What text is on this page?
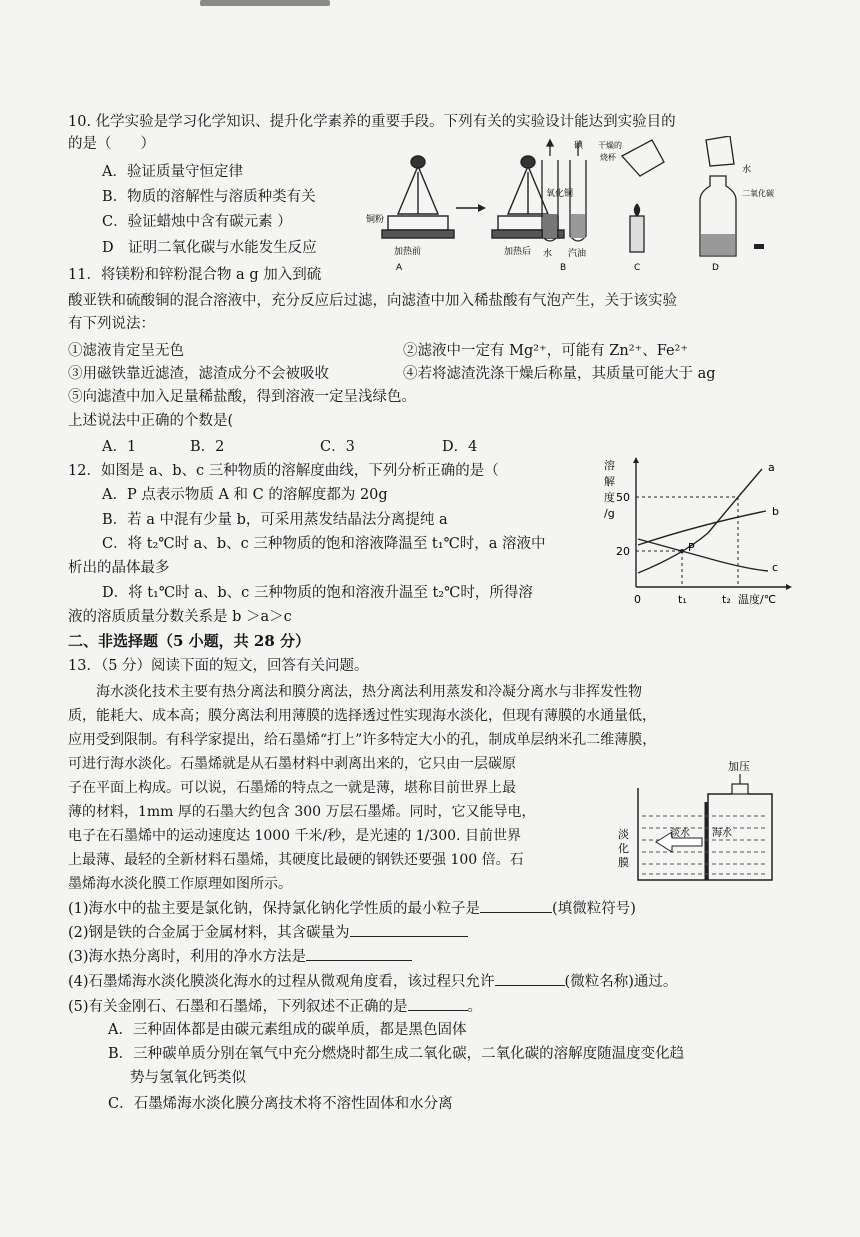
10. 化学实验是学习化学知识、提升化学素养的重要手段。下列有关的实验设计能达到实验目的
的是（　　）
A．验证质量守恒定律
B．物质的溶解性与溶质种类有关
C．验证蜡烛中含有碳元素 ）
D　证明二氧化碳与水能发生反应
铜粉
加热前
氧化铜
加热后
A
碘
水 汽油
B
干燥的
烧杯
C
水
二氧化碳
D
11．将镁粉和锌粉混合物 a g 加入到硫
酸亚铁和硫酸铜的混合溶液中，充分反应后过滤，向滤渣中加入稀盐酸有气泡产生，关于该实验
有下列说法：
①滤液肯定呈无色	②滤液中一定有 Mg²⁺，可能有 Zn²⁺、Fe²⁺
③用磁铁靠近滤渣，滤渣成分不会被吸收	④若将滤渣洗涤干燥后称量，其质量可能大于 ag
⑤向滤渣中加入足量稀盐酸，得到溶液一定呈浅绿色。
上述说法中正确的个数是(
A．1	B．2	C．3	D．4
12．如图是 a、b、c 三种物质的溶解度曲线，下列分析正确的是（
A．P 点表示物质 A 和 C 的溶解度都为 20g
B．若 a 中混有少量 b，可采用蒸发结晶法分离提纯 a
C．将 t₂℃时 a、b、c 三种物质的饱和溶液降温至 t₁℃时，a 溶液中
析出的晶体最多
D．将 t₁℃时 a、b、c 三种物质的饱和溶液升温至 t₂℃时，所得溶
液的溶质质量分数关系是 b ＞a＞c
溶
解
度
/g
P
a
b
c
50
20
0	t₁	t₂ 温度/℃
二、非选择题（5 小题，共 28 分）
13．（5 分）阅读下面的短文，回答有关问题。
海水淡化技术主要有热分离法和膜分离法，热分离法利用蒸发和冷凝分离水与非挥发性物
质，能耗大、成本高；膜分离法利用薄膜的选择透过性实现海水淡化，但现有薄膜的水通量低，
应用受到限制。有科学家提出，给石墨烯“打上”许多特定大小的孔，制成单层纳米孔二维薄膜，
可进行海水淡化。石墨烯就是从石墨材料中剥离出来的，它只由一层碳原
子在平面上构成。可以说，石墨烯的特点之一就是薄，堪称目前世界上最
薄的材料，1mm 厚的石墨大约包含 300 万层石墨烯。同时，它又能导电，
电子在石墨烯中的运动速度达 1000 千米/秒，是光速的 1/300. 目前世界
上最薄、最轻的全新材料石墨烯，其硬度比最硬的钢铁还要强 100 倍。石
墨烯海水淡化膜工作原理如图所示。
加压
淡水 海水
淡
化
膜
(1)海水中的盐主要是氯化钠，保持氯化钠化学性质的最小粒子是	(填微粒符号)
(2)钢是铁的合金属于金属材料，其含碳量为
(3)海水热分离时，利用的净水方法是
(4)石墨烯海水淡化膜淡化海水的过程从微观角度看，该过程只允许	(微粒名称)通过。
(5)有关金刚石、石墨和石墨烯，下列叙述不正确的是	。
A．三种固体都是由碳元素组成的碳单质，都是黑色固体
B．三种碳单质分别在氧气中充分燃烧时都生成二氧化碳，二氧化碳的溶解度随温度变化趋
势与氢氧化钙类似
C．石墨烯海水淡化膜分离技术将不溶性固体和水分离
